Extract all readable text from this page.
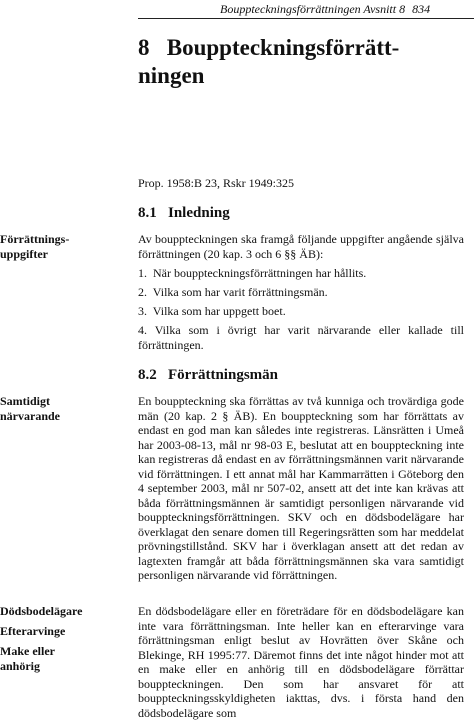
Bouppteckningsförrättningen Avsnitt 8 834
8   Bouppteckningsförrätt-
ningen
Prop. 1958:B 23, Rskr 1949:325
8.1   Inledning
Förrättnings-
uppgifter
Av bouppteckningen ska framgå följande uppgifter angående själva förrättningen (20 kap. 3 och 6 §§ ÄB):
1.  När bouppteckningsförrättningen har hållits.
2.  Vilka som har varit förrättningsmän.
3.  Vilka som har uppgett boet.
4. Vilka som i övrigt har varit närvarande eller kallade till förrättningen.
8.2   Förrättningsmän
Samtidigt
närvarande
En bouppteckning ska förrättas av två kunniga och trovärdiga gode män (20 kap. 2 § ÄB). En bouppteckning som har förrättats av endast en god man kan således inte registreras. Länsrätten i Umeå har 2003-08-13, mål nr 98-03 E, beslutat att en bouppteckning inte kan registreras då endast en av förrättningsmännen varit närvarande vid förrättningen. I ett annat mål har Kammarrätten i Göteborg den 4 september 2003, mål nr 507-02, ansett att det inte kan krävas att båda förrättningsmännen är samtidigt personligen närvarande vid bouppteckningsförrättningen. SKV och en dödsbodelägare har överklagat den senare domen till Regeringsrätten som har meddelat prövningstillstånd. SKV har i överklagan ansett att det redan av lagtexten framgår att båda förrättningsmännen ska vara samtidigt personligen närvarande vid förrättningen.
Dödsbodelägare
Efterarvinge
Make eller
anhörig
En dödsbodelägare eller en företrädare för en dödsbodelägare kan inte vara förrättningsman. Inte heller kan en efterarvinge vara förrättningsman enligt beslut av Hovrätten över Skåne och Blekinge, RH 1995:77. Däremot finns det inte något hinder mot att en make eller en anhörig till en dödsbodelägare förrättar bouppteckningen. Den som har ansvaret för att bouppteckningsskyldigheten iakttas, dvs. i första hand den dödsbodelägare som
